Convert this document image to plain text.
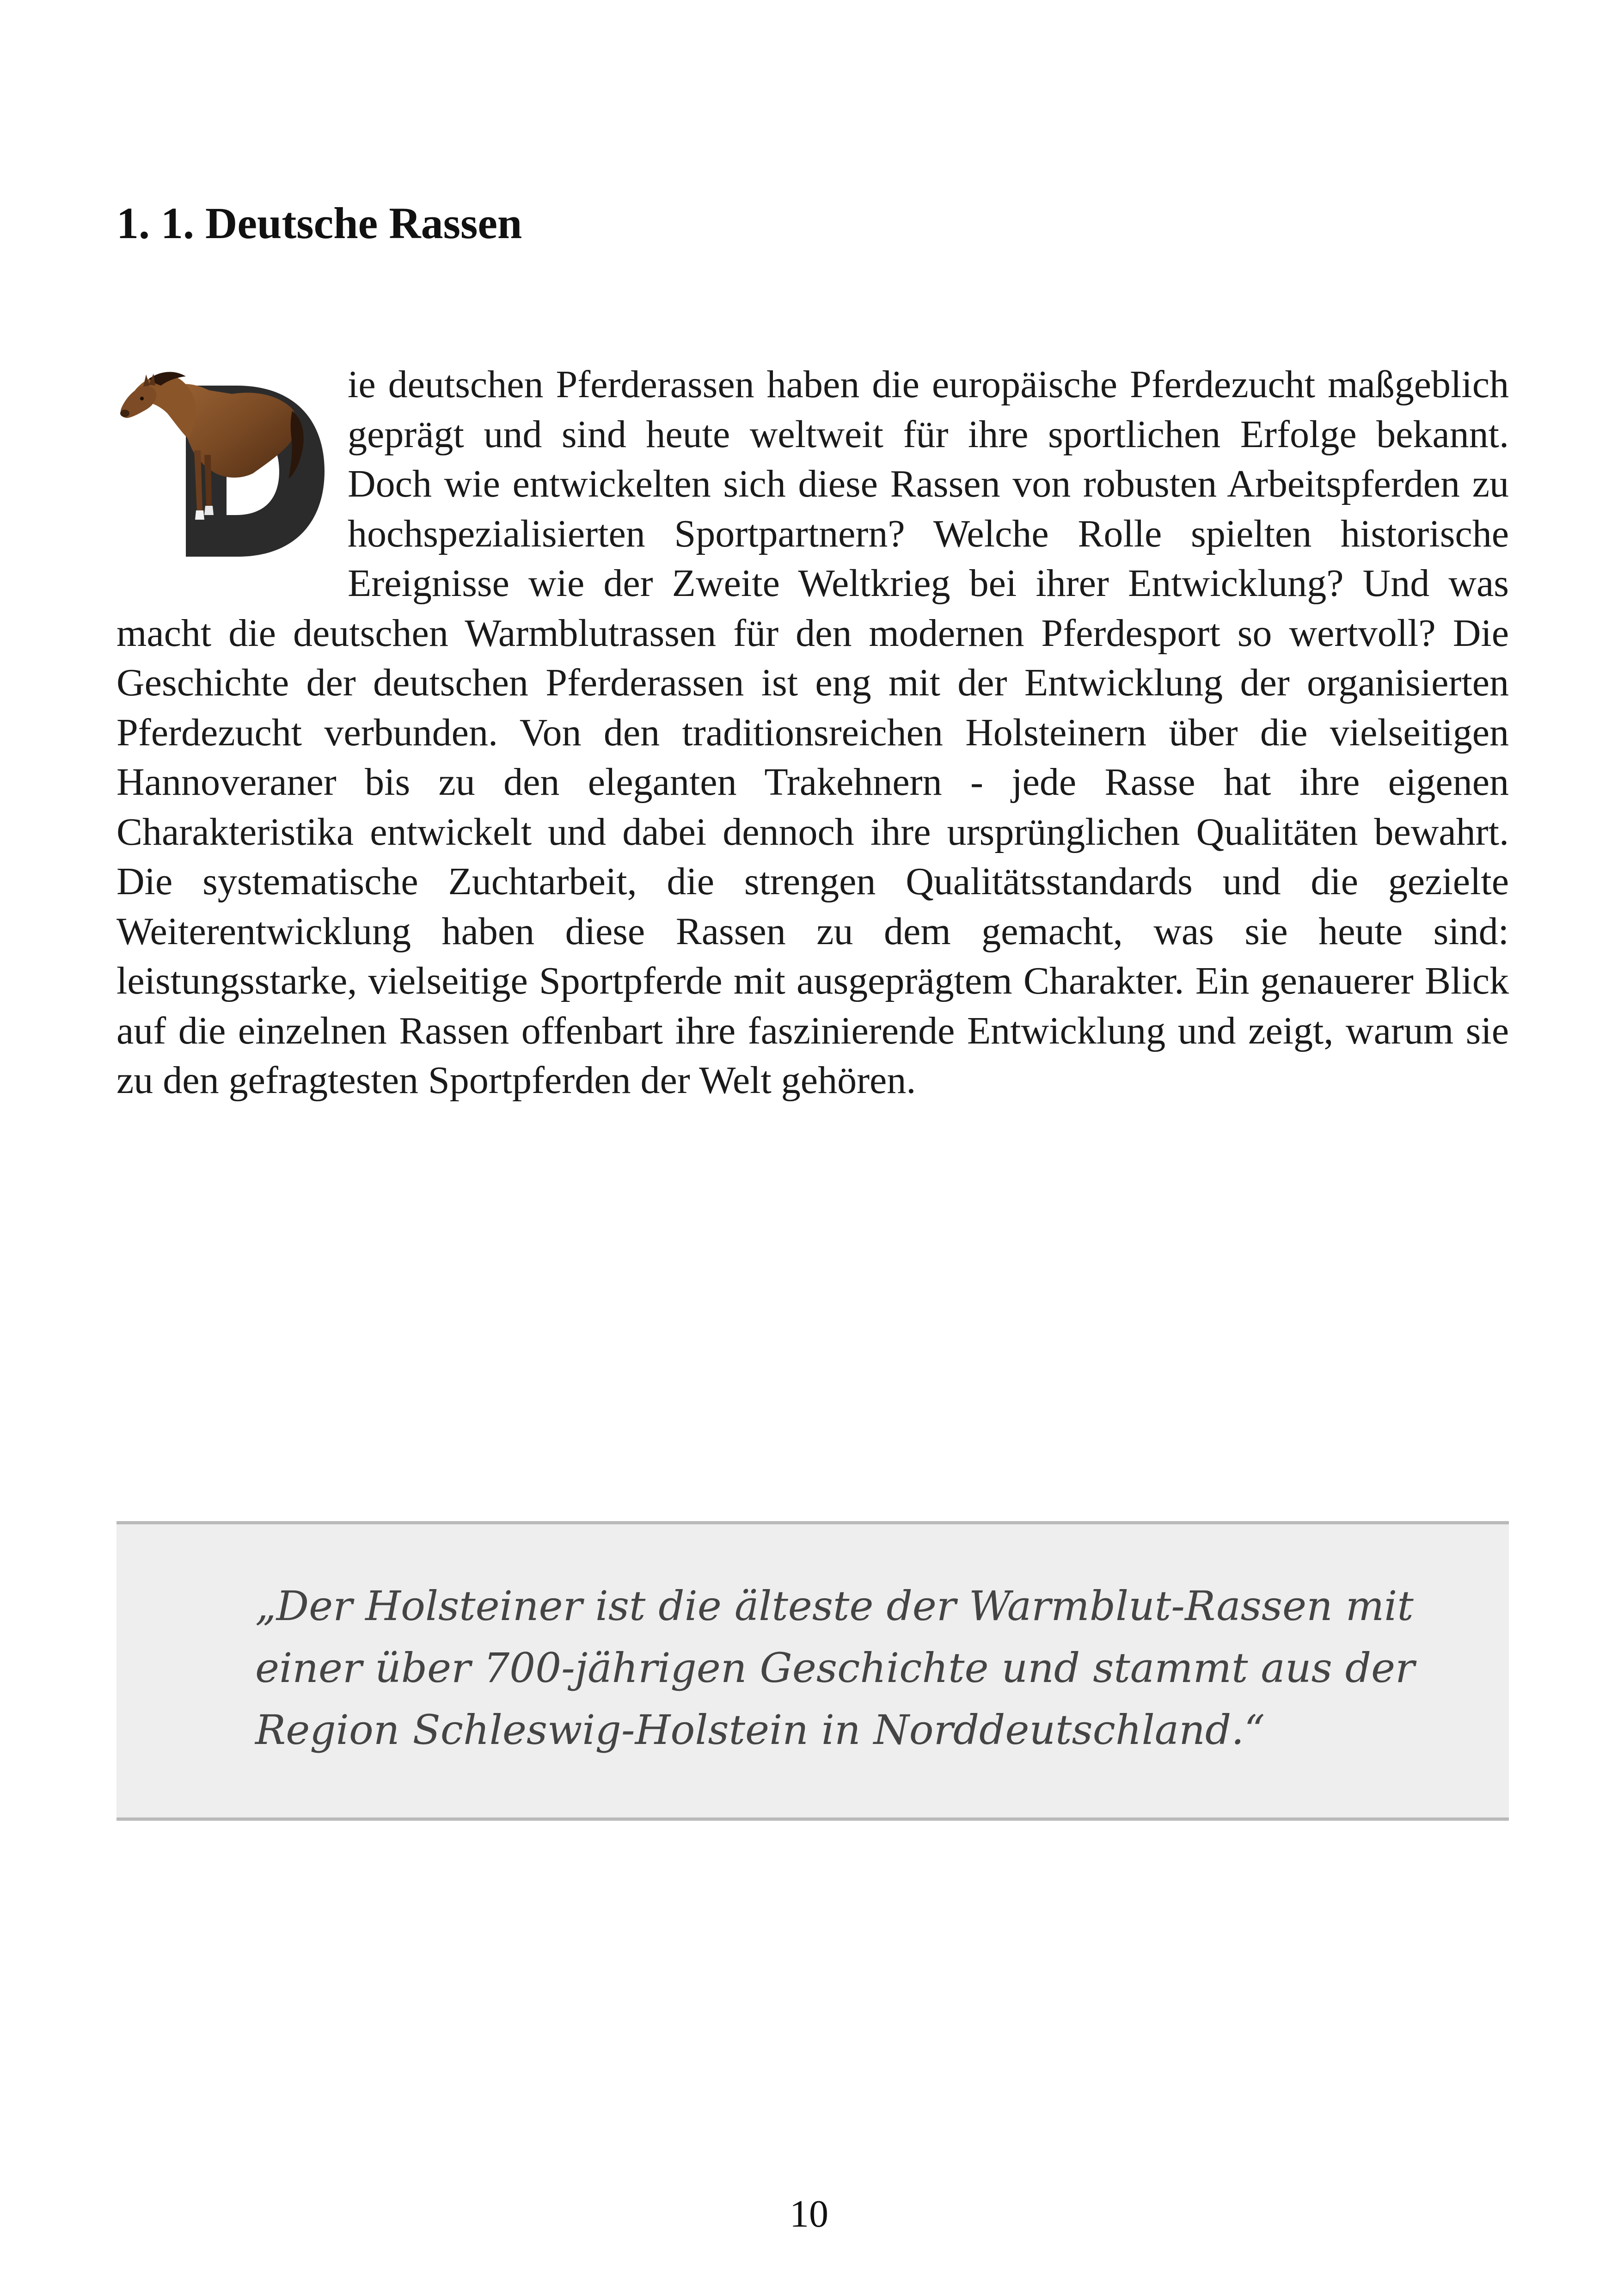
1. 1. Deutsche Rassen

ie deutschen Pferderassen haben die europäische Pferdezucht maßgeblich geprägt und sind heute weltweit für ihre sportlichen Erfolge bekannt. Doch wie entwickelten sich diese Rassen von robusten Arbeitspferden zu hochspezialisierten Sportpartnern? Welche Rolle spielten historische Ereignisse wie der Zweite Weltkrieg bei ihrer Entwicklung? Und was macht die deutschen Warmblutrassen für den modernen Pferdesport so wertvoll? Die Geschichte der deutschen Pferderassen ist eng mit der Entwicklung der organisierten Pferdezucht verbunden. Von den traditionsreichen Holsteinern über die vielseitigen Hannoveraner bis zu den eleganten Trakehnern - jede Rasse hat ihre eigenen Charakteristika entwickelt und dabei dennoch ihre ursprünglichen Qualitäten bewahrt. Die systematische Zuchtarbeit, die strengen Qualitätsstandards und die gezielte Weiterentwicklung haben diese Rassen zu dem gemacht, was sie heute sind: leistungsstarke, vielseitige Sportpferde mit ausgeprägtem Charakter. Ein genauerer Blick auf die einzelnen Rassen offenbart ihre faszinierende Entwicklung und zeigt, warum sie zu den gefragtesten Sportpferden der Welt gehören.

„Der Holsteiner ist die älteste der Warmblut-Rassen mit einer über 700-jährigen Geschichte und stammt aus der Region Schleswig-Holstein in Norddeutschland.“

10
